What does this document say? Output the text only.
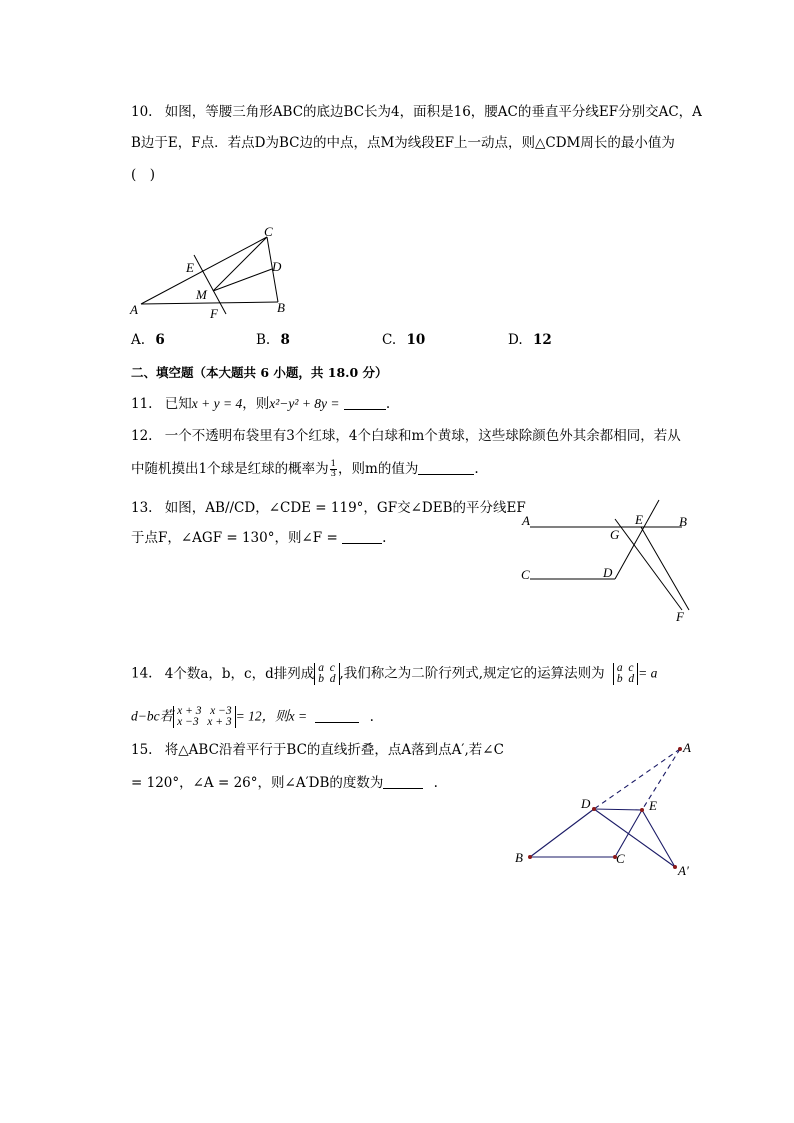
10. 如图，等腰三角形ABC的底边BC长为4，面积是16，腰AC的垂直平分线EF分别交AC，A
B边于E，F点．若点D为BC边的中点，点M为线段EF上一动点，则△CDM周长的最小值为
(　)
A	B
C
D
E
F
M
A. 6	B. 8	C. 10	D. 12
二、填空题（本大题共 6 小题，共 18.0 分）
11. 已知x + y = 4，则x²−y² + 8y =	.
12. 一个不透明布袋里有3个红球，4个白球和m个黄球，这些球除颜色外其余都相同，若从
中随机摸出1个球是红球的概率为 $\frac{1}{3}$ ，则m的值为	.
13. 如图，AB//CD，∠CDE = 119°，GF交∠DEB的平分线EF
于点F，∠AGF = 130°，则∠F =	.
A	B
C	D
E
G
F
14. 4个数a，b，c，d排列成 a c
b d ,我们称之为二阶行列式,规定它的运算法则为 a c
b d = a
d−bc若 x + 3 x −3
x −3 x + 3 = 12，则x =	.
15. 将△ABC沿着平行于BC的直线折叠，点A落到点A′,若∠C
= 120°，∠A = 26°，则∠A′DB的度数为	.
A
B	C
D	E
A′
